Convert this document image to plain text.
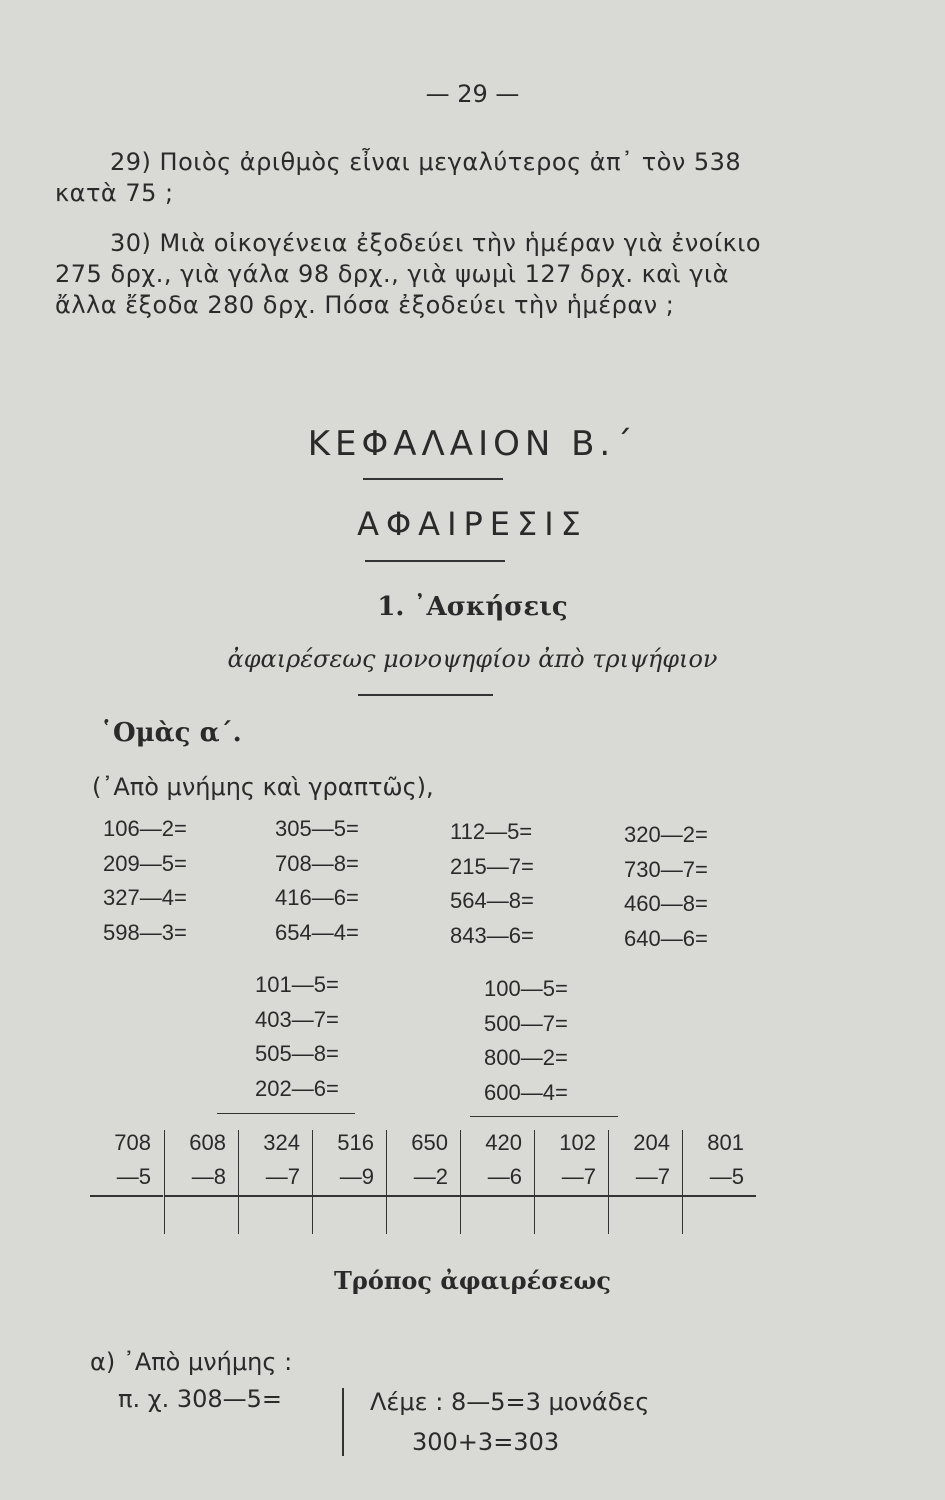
— 29 —
29) Ποιὸς ἀριθμὸς εἶναι μεγαλύτερος ἀπ᾽ τὸν 538
κατὰ 75 ;
30) Μιὰ οἰκογένεια ἐξοδεύει τὴν ἡμέραν γιὰ ἐνοίκιο
275 δρχ., γιὰ γάλα 98 δρχ., γιὰ ψωμὶ 127 δρχ. καὶ γιὰ
ἄλλα ἔξοδα 280 δρχ. Πόσα ἐξοδεύει τὴν ἡμέραν ;
ΚΕΦΑΛΑΙΟΝ Β.΄
ΑΦΑΙΡΕΣΙΣ
1. ᾽Ασκήσεις
ἀφαιρέσεως μονοψηφίου ἀπὸ τριψήφιον
῾Ομὰς α΄.
(᾽Απὸ μνήμης καὶ γραπτῶς),
106—2=
209—5=
327—4=
598—3=
305—5=
708—8=
416—6=
654—4=
112—5=
215—7=
564—8=
843—6=
320—2=
730—7=
460—8=
640—6=
101—5=
403—7=
505—8=
202—6=
100—5=
500—7=
800—2=
600—4=
708
—5
608
—8
324
—7
516
—9
650
—2
420
—6
102
—7
204
—7
801
—5
Τρόπος ἀφαιρέσεως
α) ᾽Απὸ μνήμης :
π. χ. 308—5=	Λέμε : 8—5=3 μονάδες
300+3=303
